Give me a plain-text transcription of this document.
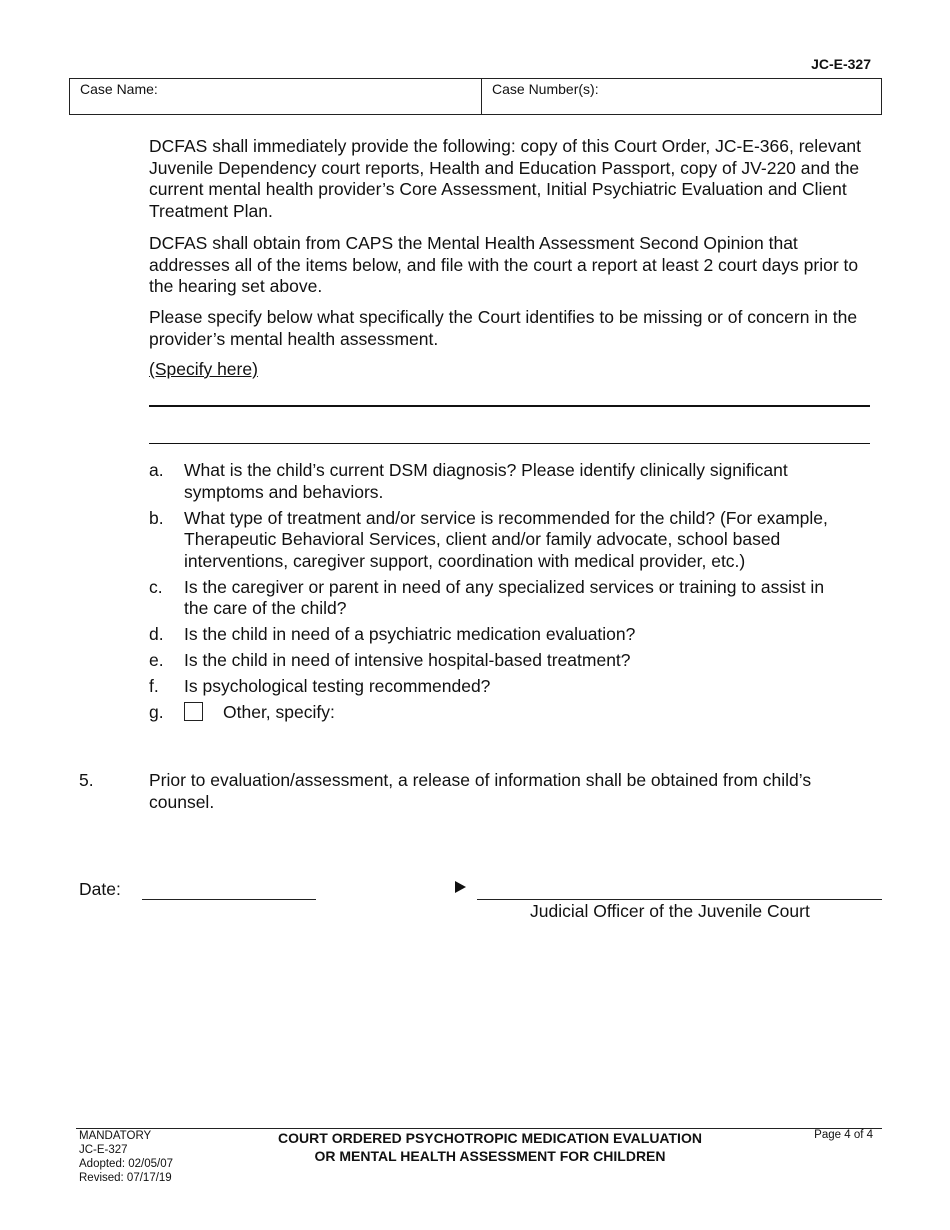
JC-E-327
Case Name:	Case Number(s):

DCFAS shall immediately provide the following: copy of this Court Order, JC-E-366, relevant Juvenile Dependency court reports, Health and Education Passport, copy of JV-220 and the current mental health provider’s Core Assessment, Initial Psychiatric Evaluation and Client Treatment Plan.

DCFAS shall obtain from CAPS the Mental Health Assessment Second Opinion that addresses all of the items below, and file with the court a report at least 2 court days prior to the hearing set above.

Please specify below what specifically the Court identifies to be missing or of concern in the provider’s mental health assessment.

(Specify here)

a.	What is the child’s current DSM diagnosis? Please identify clinically significant symptoms and behaviors.
b.	What type of treatment and/or service is recommended for the child? (For example, Therapeutic Behavioral Services, client and/or family advocate, school based interventions, caregiver support, coordination with medical provider, etc.)
c.	Is the caregiver or parent in need of any specialized services or training to assist in the care of the child?
d.	Is the child in need of a psychiatric medication evaluation?
e.	Is the child in need of intensive hospital-based treatment?
f.	Is psychological testing recommended?
g.	Other, specify:
5.	Prior to evaluation/assessment, a release of information shall be obtained from child’s counsel.
Date:
Judicial Officer of the Juvenile Court
MANDATORY
JC-E-327
Adopted: 02/05/07
Revised: 07/17/19
COURT ORDERED PSYCHOTROPIC MEDICATION EVALUATION
OR MENTAL HEALTH ASSESSMENT FOR CHILDREN
Page 4 of 4
